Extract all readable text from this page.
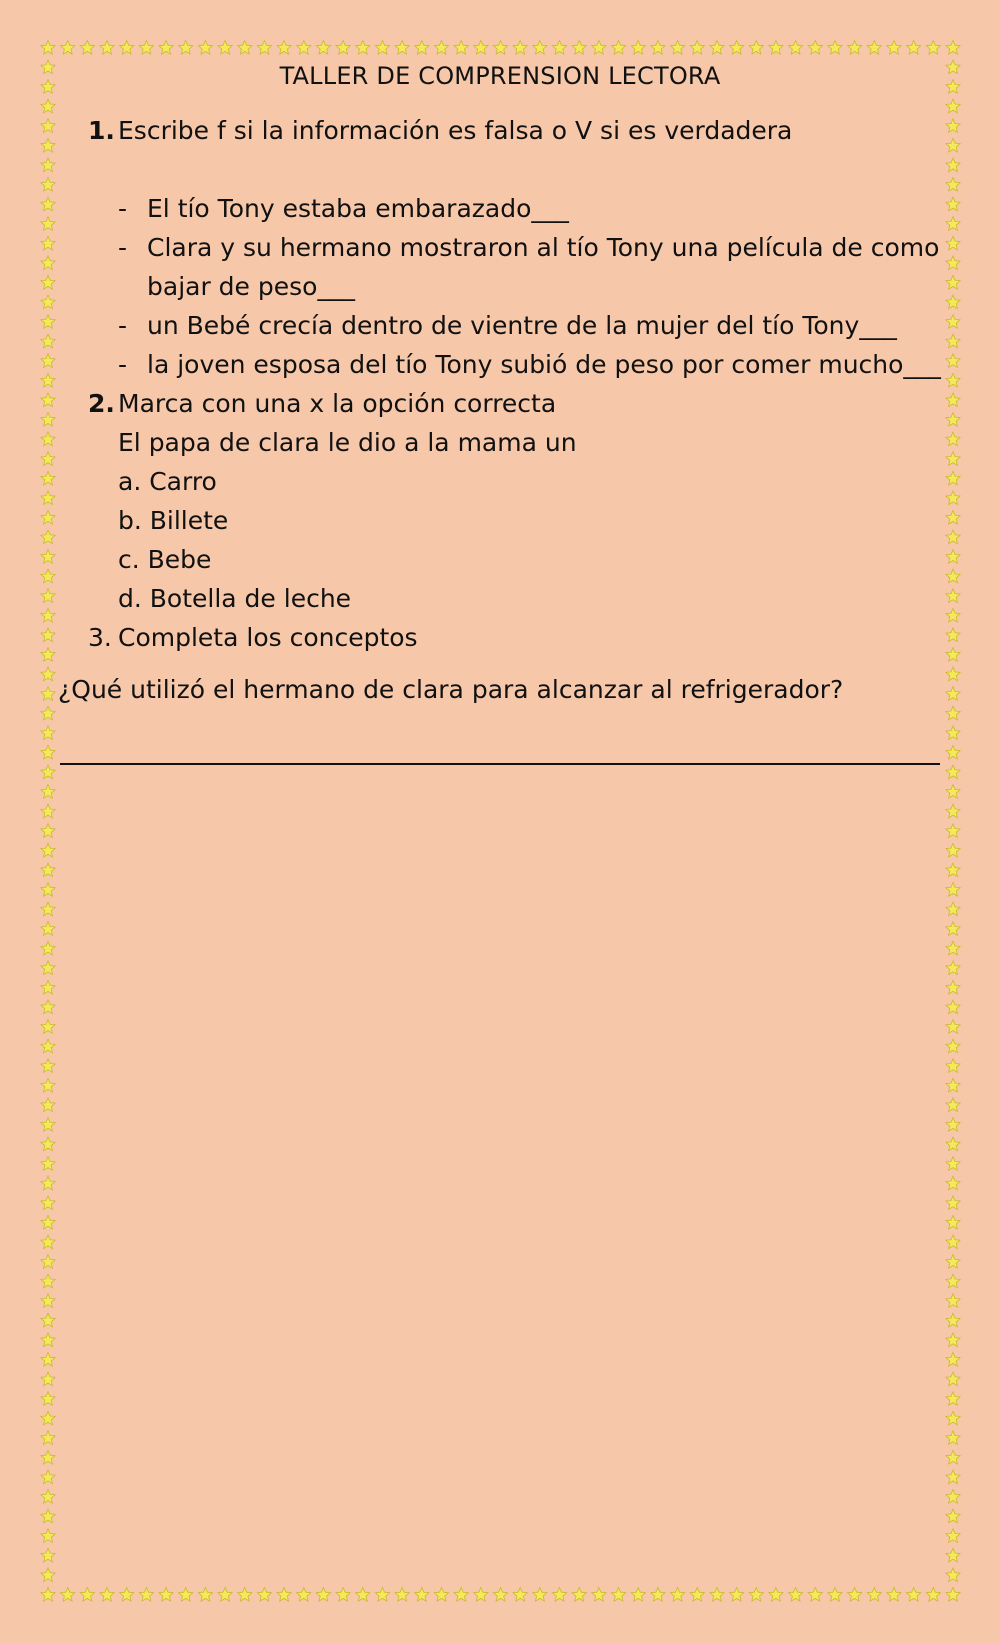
TALLER DE COMPRENSION LECTORA
1. Escribe f si la información es falsa o V si es verdadera
- El tío Tony estaba embarazado___
- Clara y su hermano mostraron al tío Tony una película de como
bajar de peso___
- un Bebé crecía dentro de vientre de la mujer del tío Tony___
- la joven esposa del tío Tony subió de peso por comer mucho___
2. Marca con una x la opción correcta
El papa de clara le dio a la mama un
a. Carro
b. Billete
c. Bebe
d. Botella de leche
3. Completa los conceptos
¿Qué utilizó el hermano de clara para alcanzar al refrigerador?
